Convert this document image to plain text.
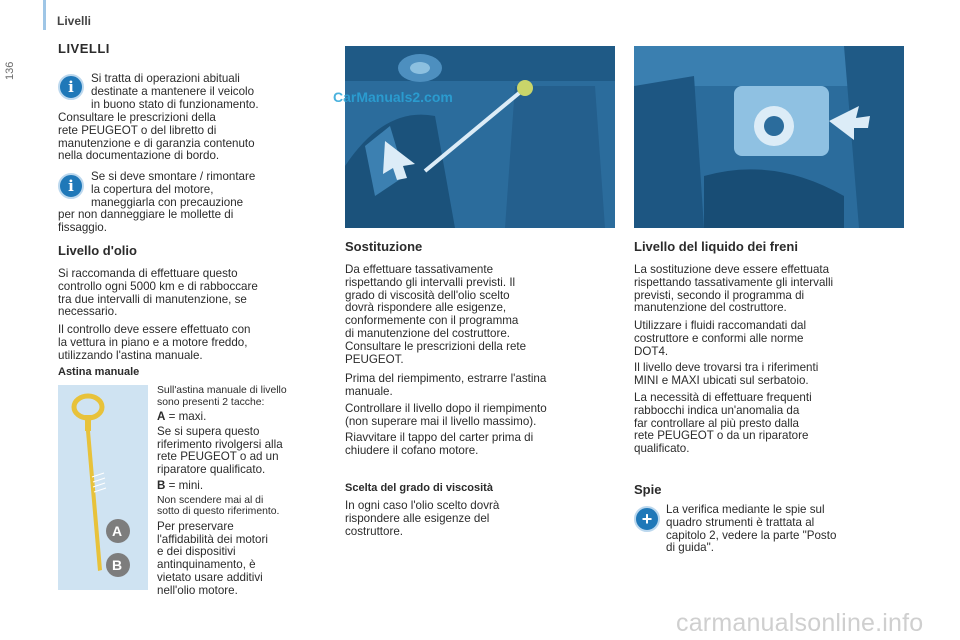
Livelli
136
LIVELLI
i	Si tratta di operazioni abituali

destinate a mantenere il veicolo

in buono stato di funzionamento.

Consultare le prescrizioni della

rete PEUGEOT o del libretto di

manutenzione e di garanzia contenuto

nella documentazione di bordo.

i

Se si deve smontare / rimontare

la copertura del motore,

maneggiarla con precauzione

per non danneggiare le mollette di

fissaggio.

Livello d'olio

Si raccomanda di effettuare questo

controllo ogni 5000 km e di rabboccare

tra due intervalli di manutenzione, se

necessario.

Il controllo deve essere effettuato con

la vettura in piano e a motore freddo,

utilizzando l'astina manuale.

Astina manuale
A
B

Sull'astina manuale di livello

sono presenti 2 tacche:

A = maxi.

Se si supera questo

riferimento rivolgersi alla

rete PEUGEOT o ad un

riparatore qualificato.

B = mini.

Non scendere mai al di

sotto di questo riferimento.

Per preservare

l'affidabilità dei motori

e dei dispositivi

antinquinamento, è

vietato usare additivi

nell'olio motore.

CarManuals2.com
Sostituzione

Da effettuare tassativamente

rispettando gli intervalli previsti. Il

grado di viscosità dell'olio scelto

dovrà rispondere alle esigenze,

conformemente con il programma

di manutenzione del costruttore.

Consultare le prescrizioni della rete

PEUGEOT.

Prima del riempimento, estrarre l'astina

manuale.

Controllare il livello dopo il riempimento

(non superare mai il livello massimo).

Riavvitare il tappo del carter prima di

chiudere il cofano motore.

Scelta del grado di viscosità

In ogni caso l'olio scelto dovrà

rispondere alle esigenze del

costruttore.

Livello del liquido dei freni

La sostituzione deve essere effettuata

rispettando tassativamente gli intervalli

previsti, secondo il programma di

manutenzione del costruttore.

Utilizzare i fluidi raccomandati dal

costruttore e conformi alle norme

DOT4.

Il livello deve trovarsi tra i riferimenti

MINI e MAXI ubicati sul serbatoio.

La necessità di effettuare frequenti

rabbocchi indica un'anomalia da

far controllare al più presto dalla

rete PEUGEOT o da un riparatore

qualificato.

Spie
+	La verifica mediante le spie sul

quadro strumenti è trattata al

capitolo 2, vedere la parte "Posto

di guida".

carmanualsonline.info
